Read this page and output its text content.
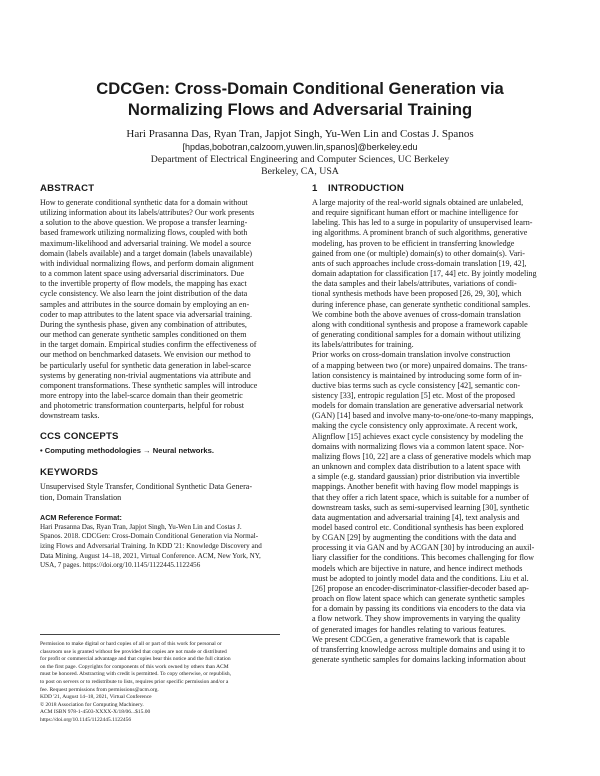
CDCGen: Cross-Domain Conditional Generation via
Normalizing Flows and Adversarial Training
Hari Prasanna Das, Ryan Tran, Japjot Singh, Yu-Wen Lin and Costas J. Spanos
[hpdas,bobotran,calzoom,yuwen.lin,spanos]@berkeley.edu
Department of Electrical Engineering and Computer Sciences, UC Berkeley
Berkeley, CA, USA
ABSTRACT
How to generate conditional synthetic data for a domain without
utilizing information about its labels/attributes? Our work presents
a solution to the above question. We propose a transfer learning-
based framework utilizing normalizing flows, coupled with both
maximum-likelihood and adversarial training. We model a source
domain (labels available) and a target domain (labels unavailable)
with individual normalizing flows, and perform domain alignment
to a common latent space using adversarial discriminators. Due
to the invertible property of flow models, the mapping has exact
cycle consistency. We also learn the joint distribution of the data
samples and attributes in the source domain by employing an en-
coder to map attributes to the latent space via adversarial training.
During the synthesis phase, given any combination of attributes,
our method can generate synthetic samples conditioned on them
in the target domain. Empirical studies confirm the effectiveness of
our method on benchmarked datasets. We envision our method to
be particularly useful for synthetic data generation in label-scarce
systems by generating non-trivial augmentations via attribute and
component transformations. These synthetic samples will introduce
more entropy into the label-scarce domain than their geometric
and photometric transformation counterparts, helpful for robust
downstream tasks.
CCS CONCEPTS
• Computing methodologies → Neural networks.
KEYWORDS
Unsupervised Style Transfer, Conditional Synthetic Data Genera-
tion, Domain Translation
ACM Reference Format:
Hari Prasanna Das, Ryan Tran, Japjot Singh, Yu-Wen Lin and Costas J.
Spanos. 2018. CDCGen: Cross-Domain Conditional Generation via Normal-
izing Flows and Adversarial Training. In KDD '21: Knowledge Discovery and
Data Mining, August 14–18, 2021, Virtual Conference. ACM, New York, NY,
USA, 7 pages. https://doi.org/10.1145/1122445.1122456
Permission to make digital or hard copies of all or part of this work for personal or
classroom use is granted without fee provided that copies are not made or distributed
for profit or commercial advantage and that copies bear this notice and the full citation
on the first page. Copyrights for components of this work owned by others than ACM
must be honored. Abstracting with credit is permitted. To copy otherwise, or republish,
to post on servers or to redistribute to lists, requires prior specific permission and/or a
fee. Request permissions from permissions@acm.org.
KDD '21, August 14–18, 2021, Virtual Conference
© 2018 Association for Computing Machinery.
ACM ISBN 978-1-4503-XXXX-X/18/06...$15.00
https://doi.org/10.1145/1122445.1122456
1 INTRODUCTION
A large majority of the real-world signals obtained are unlabeled,
and require significant human effort or machine intelligence for
labeling. This has led to a surge in popularity of unsupervised learn-
ing algorithms. A prominent branch of such algorithms, generative
modeling, has proven to be efficient in transferring knowledge
gained from one (or multiple) domain(s) to other domain(s). Vari-
ants of such approaches include cross-domain translation [19, 42],
domain adaptation for classification [17, 44] etc. By jointly modeling
the data samples and their labels/attributes, variations of condi-
tional synthesis methods have been proposed [26, 29, 30], which
during inference phase, can generate synthetic conditional samples.
We combine both the above avenues of cross-domain translation
along with conditional synthesis and propose a framework capable
of generating conditional samples for a domain without utilizing
its labels/attributes for training.
Prior works on cross-domain translation involve construction
of a mapping between two (or more) unpaired domains. The trans-
lation consistency is maintained by introducing some form of in-
ductive bias terms such as cycle consistency [42], semantic con-
sistency [33], entropic regulation [5] etc. Most of the proposed
models for domain translation are generative adversarial network
(GAN) [14] based and involve many-to-one/one-to-many mappings,
making the cycle consistency only approximate. A recent work,
Alignflow [15] achieves exact cycle consistency by modeling the
domains with normalizing flows via a common latent space. Nor-
malizing flows [10, 22] are a class of generative models which map
an unknown and complex data distribution to a latent space with
a simple (e.g. standard gaussian) prior distribution via invertible
mappings. Another benefit with having flow model mappings is
that they offer a rich latent space, which is suitable for a number of
downstream tasks, such as semi-supervised learning [30], synthetic
data augmentation and adversarial training [4], text analysis and
model based control etc. Conditional synthesis has been explored
by CGAN [29] by augmenting the conditions with the data and
processing it via GAN and by ACGAN [30] by introducing an auxil-
liary classifier for the conditions. This becomes challenging for flow
models which are bijective in nature, and hence indirect methods
must be adopted to jointly model data and the conditions. Liu et al.
[26] propose an encoder-discriminator-classifier-decoder based ap-
proach on flow latent space which can generate synthetic samples
for a domain by passing its conditions via encoders to the data via
a flow network. They show improvements in varying the quality
of generated images for handles relating to various features.
We present CDCGen, a generative framework that is capable
of transferring knowledge across multiple domains and using it to
generate synthetic samples for domains lacking information about
